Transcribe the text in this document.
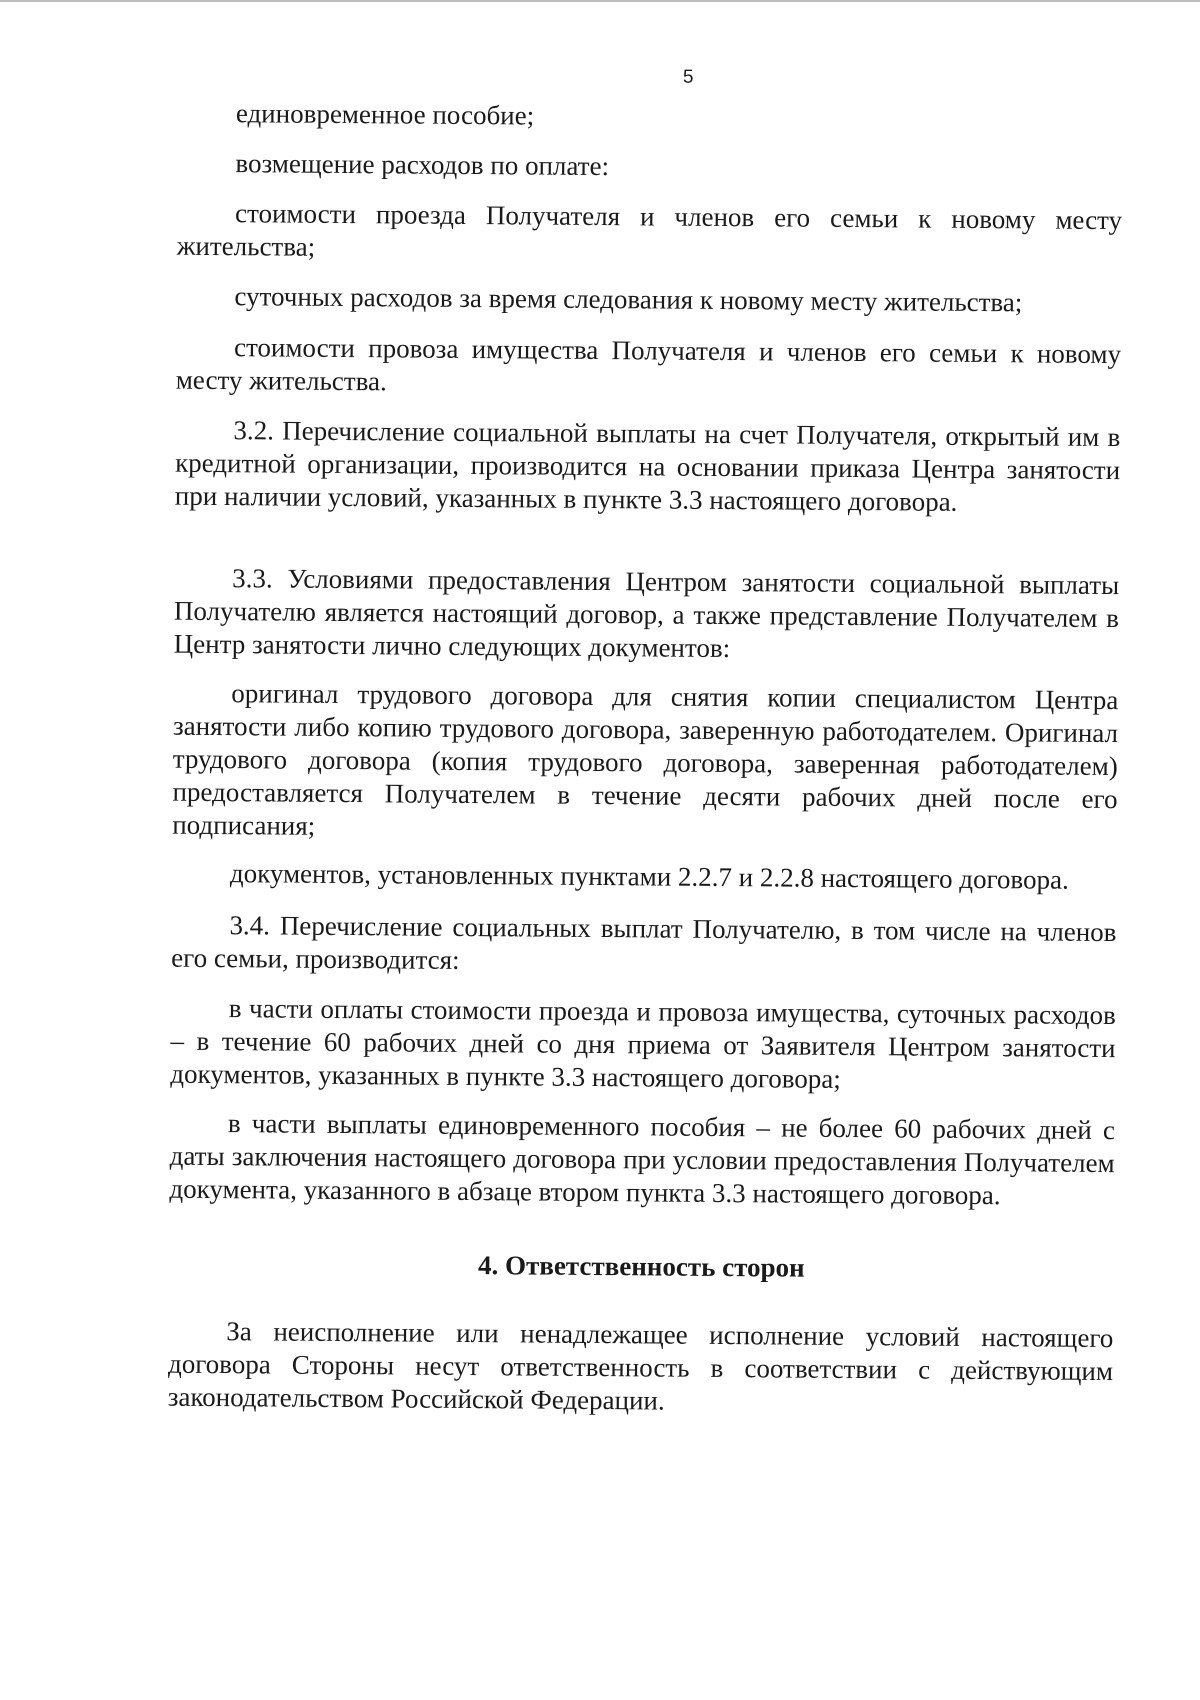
5

единовременное пособие;

возмещение расходов по оплате:

стоимости проезда Получателя и членов его семьи к новому месту жительства;

суточных расходов за время следования к новому месту жительства;

стоимости провоза имущества Получателя и членов его семьи к новому месту жительства.

3.2. Перечисление социальной выплаты на счет Получателя, открытый им в кредитной организации, производится на основании приказа Центра занятости при наличии условий, указанных в пункте 3.3 настоящего договора.

3.3. Условиями предоставления Центром занятости социальной выплаты Получателю является настоящий договор, а также представление Получателем в Центр занятости лично следующих документов:

оригинал трудового договора для снятия копии специалистом Центра занятости либо копию трудового договора, заверенную работодателем. Оригинал трудового договора (копия трудового договора, заверенная работодателем) предоставляется Получателем в течение десяти рабочих дней после его подписания;

документов, установленных пунктами 2.2.7 и 2.2.8 настоящего договора.

3.4. Перечисление социальных выплат Получателю, в том числе на членов его семьи, производится:

в части оплаты стоимости проезда и провоза имущества, суточных расходов – в течение 60 рабочих дней со дня приема от Заявителя Центром занятости документов, указанных в пункте 3.3 настоящего договора;

в части выплаты единовременного пособия – не более 60 рабочих дней с даты заключения настоящего договора при условии предоставления Получателем документа, указанного в абзаце втором пункта 3.3 настоящего договора.

4. Ответственность сторон

За неисполнение или ненадлежащее исполнение условий настоящего договора Стороны несут ответственность в соответствии с действующим законодательством Российской Федерации.
